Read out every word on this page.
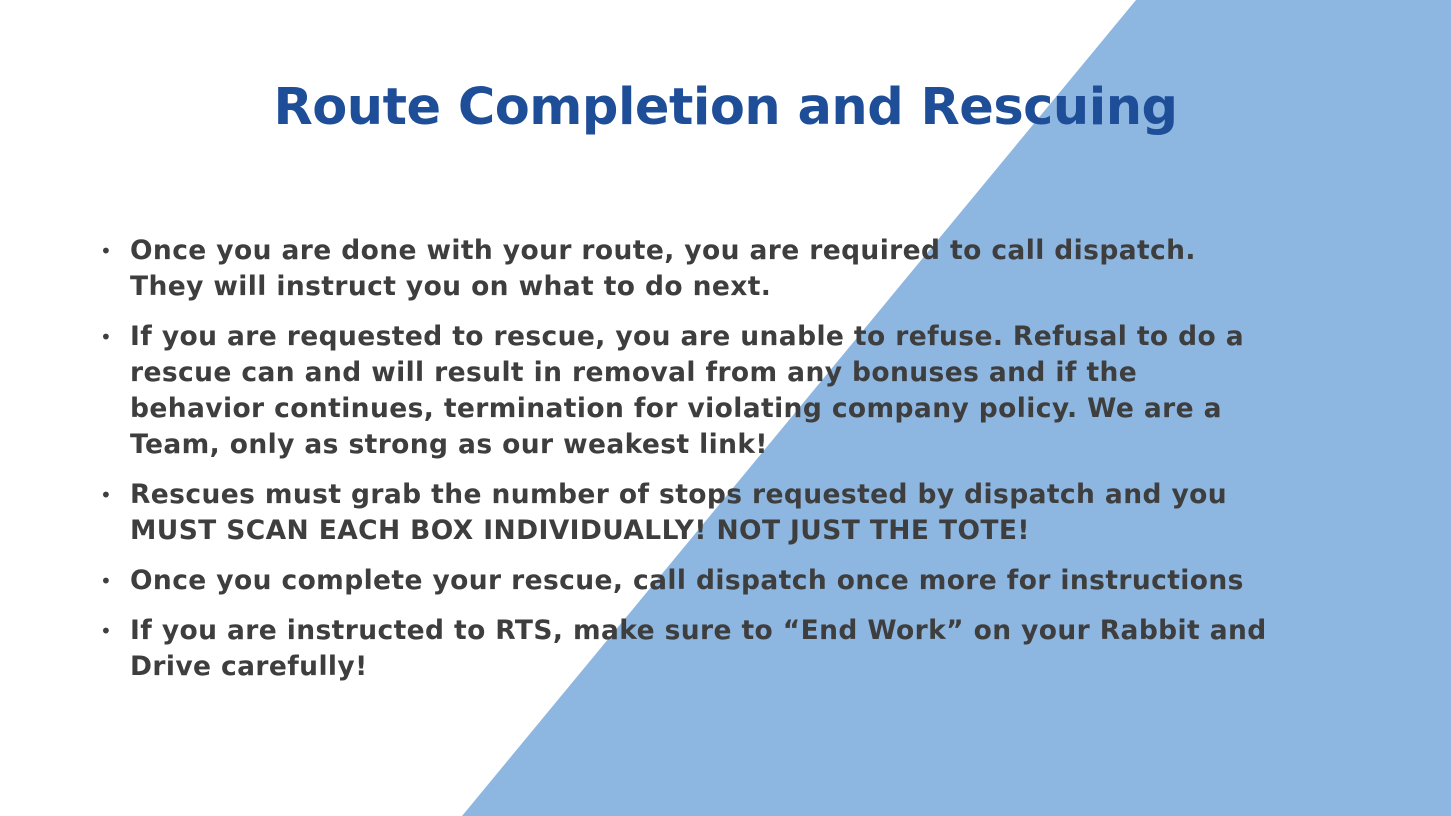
Route Completion and Rescuing
• Once you are done with your route, you are required to call dispatch.
They will instruct you on what to do next.
• If you are requested to rescue, you are unable to refuse. Refusal to do a
rescue can and will result in removal from any bonuses and if the
behavior continues, termination for violating company policy. We are a
Team, only as strong as our weakest link!
• Rescues must grab the number of stops requested by dispatch and you
MUST SCAN EACH BOX INDIVIDUALLY! NOT JUST THE TOTE!
• Once you complete your rescue, call dispatch once more for instructions
• If you are instructed to RTS, make sure to “End Work” on your Rabbit and
Drive carefully!
